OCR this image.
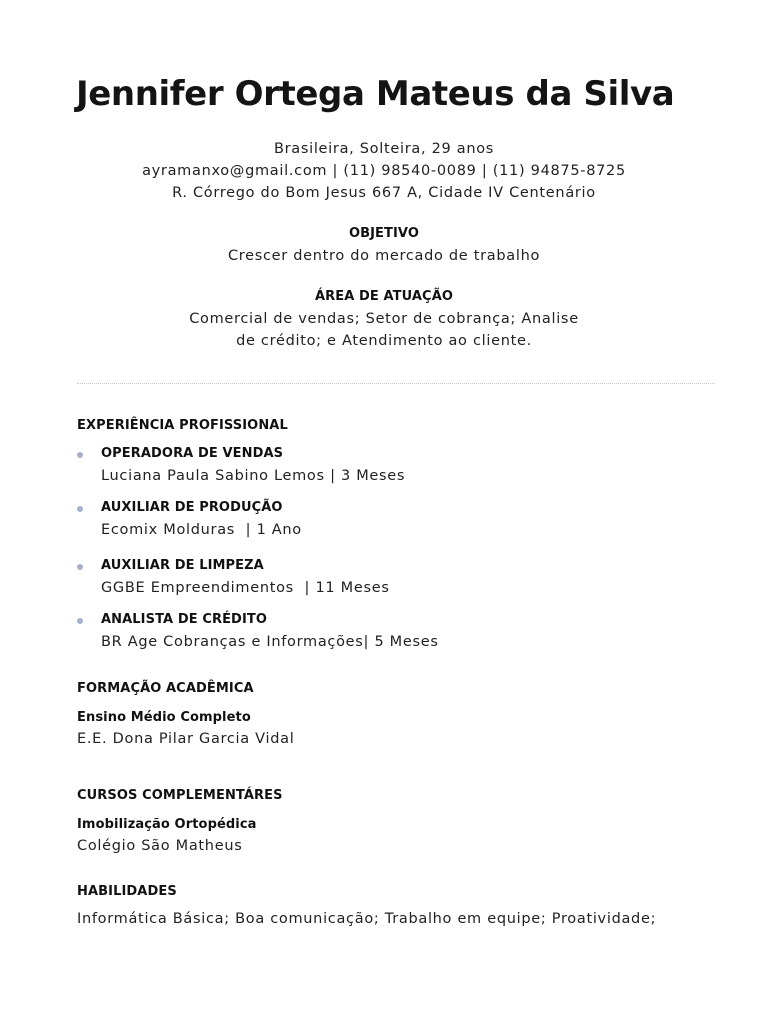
Jennifer Ortega Mateus da Silva
Brasileira, Solteira, 29 anos
ayramanxo@gmail.com | (11) 98540-0089 | (11) 94875-8725
R. Córrego do Bom Jesus 667 A, Cidade IV Centenário
OBJETIVO
Crescer dentro do mercado de trabalho
ÁREA DE ATUAÇÃO
Comercial de vendas; Setor de cobrança; Analise
de crédito; e Atendimento ao cliente.
EXPERIÊNCIA PROFISSIONAL
OPERADORA DE VENDAS
Luciana Paula Sabino Lemos | 3 Meses
AUXILIAR DE PRODUÇÃO
Ecomix Molduras  | 1 Ano
AUXILIAR DE LIMPEZA
GGBE Empreendimentos  | 11 Meses
ANALISTA DE CRÉDITO
BR Age Cobranças e Informações| 5 Meses
FORMAÇÃO ACADÊMICA
Ensino Médio Completo
E.E. Dona Pilar Garcia Vidal
CURSOS COMPLEMENTÁRES
Imobilização Ortopédica
Colégio São Matheus
HABILIDADES
Informática Básica; Boa comunicação; Trabalho em equipe; Proatividade;
